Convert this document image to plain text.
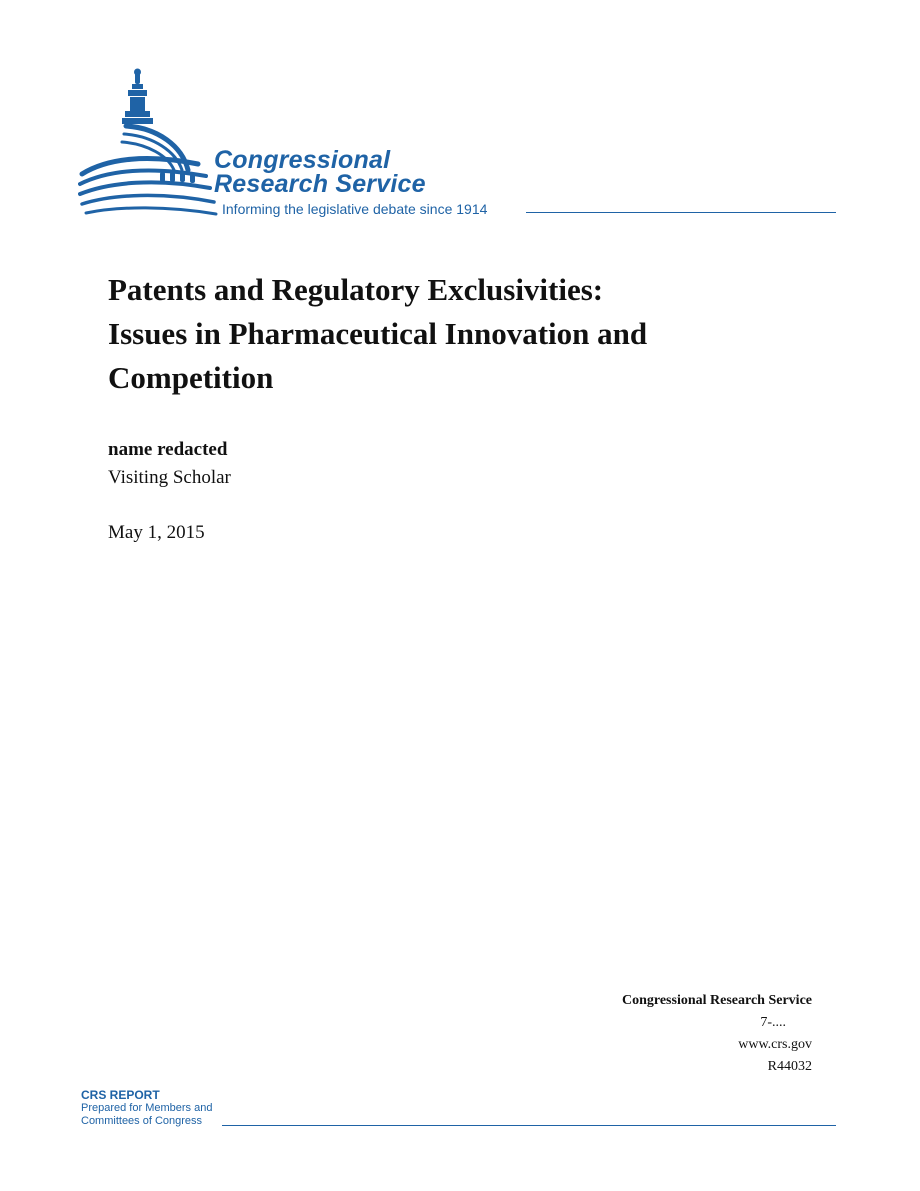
Congressional
Research Service
Informing the legislative debate since 1914
Patents and Regulatory Exclusivities:
Issues in Pharmaceutical Innovation and
Competition
name redacted
Visiting Scholar
May 1, 2015
Congressional Research Service
7-....
www.crs.gov
R44032
CRS REPORT
Prepared for Members and
Committees of Congress
